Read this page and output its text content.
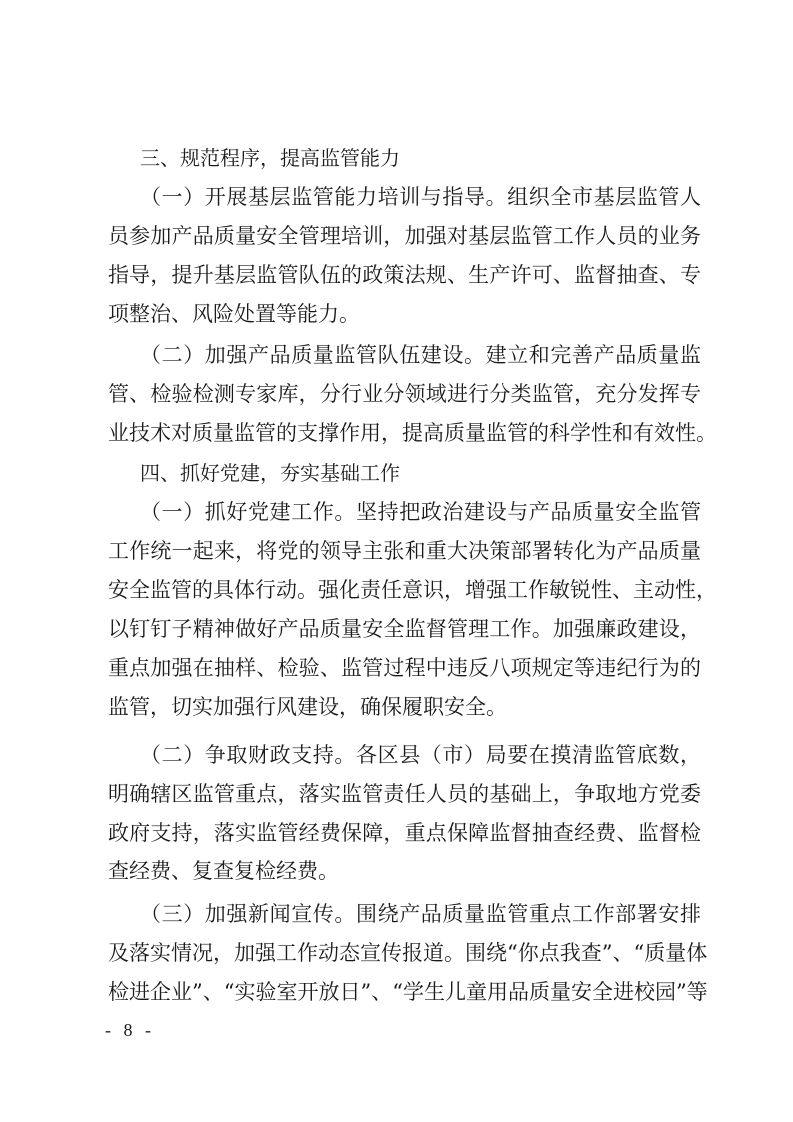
三、规范程序，提高监管能力
（一）开展基层监管能力培训与指导。组织全市基层监管人
员参加产品质量安全管理培训，加强对基层监管工作人员的业务
指导，提升基层监管队伍的政策法规、生产许可、监督抽查、专
项整治、风险处置等能力。
（二）加强产品质量监管队伍建设。建立和完善产品质量监
管、检验检测专家库，分行业分领域进行分类监管，充分发挥专
业技术对质量监管的支撑作用，提高质量监管的科学性和有效性。
四、抓好党建，夯实基础工作
（一）抓好党建工作。坚持把政治建设与产品质量安全监管
工作统一起来，将党的领导主张和重大决策部署转化为产品质量
安全监管的具体行动。强化责任意识，增强工作敏锐性、主动性，
以钉钉子精神做好产品质量安全监督管理工作。加强廉政建设，
重点加强在抽样、检验、监管过程中违反八项规定等违纪行为的
监管，切实加强行风建设，确保履职安全。
（二）争取财政支持。各区县（市）局要在摸清监管底数，
明确辖区监管重点，落实监管责任人员的基础上，争取地方党委
政府支持，落实监管经费保障，重点保障监督抽查经费、监督检
查经费、复查复检经费。
（三）加强新闻宣传。围绕产品质量监管重点工作部署安排
及落实情况，加强工作动态宣传报道。围绕“你点我查”、“质量体
检进企业”、“实验室开放日”、“学生儿童用品质量安全进校园”等
- 8 -
